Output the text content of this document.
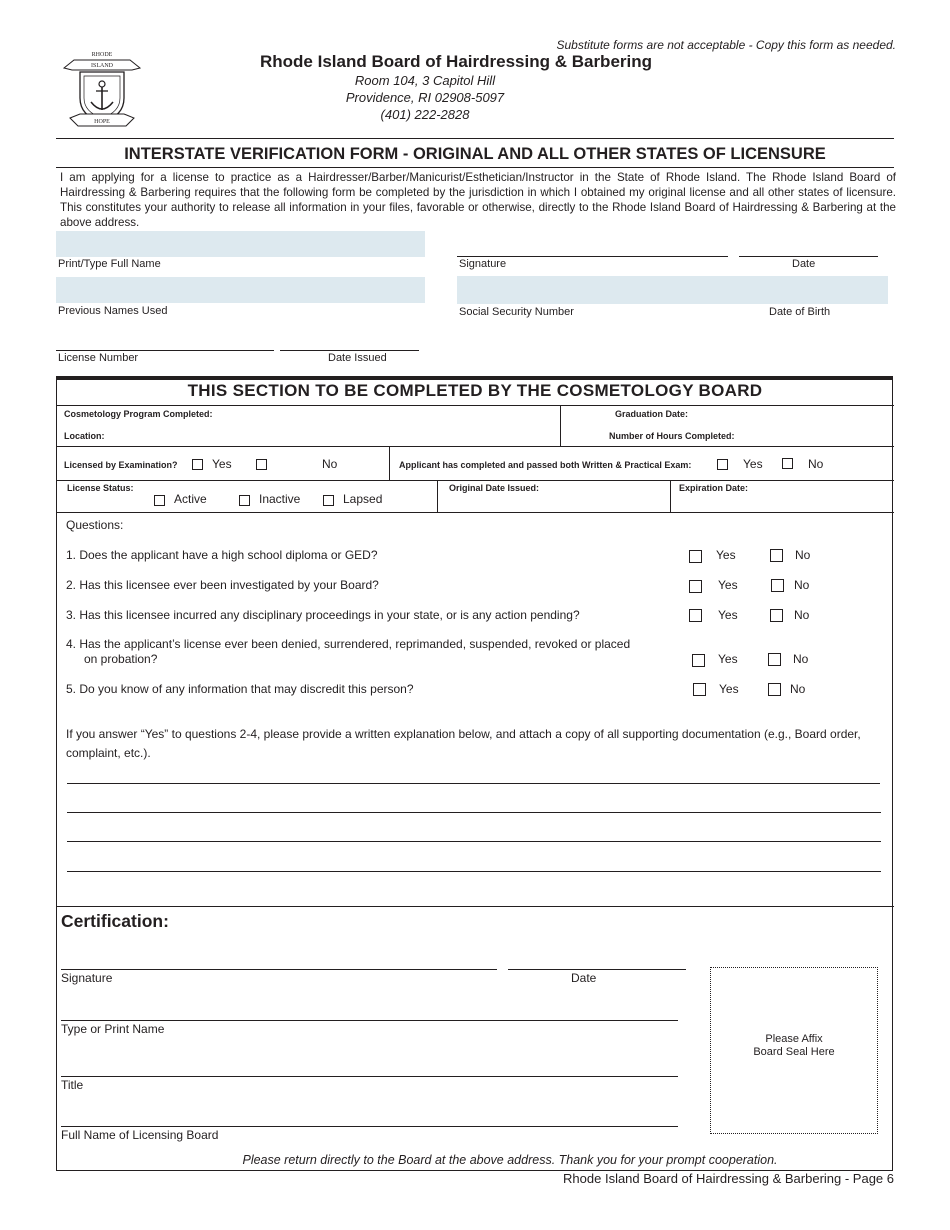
ISLAND
HOPE
RHODE
Substitute forms are not acceptable - Copy this form as needed.
Rhode Island Board of Hairdressing & Barbering
Room 104, 3 Capitol Hill
Providence, RI 02908-5097
(401) 222-2828
INTERSTATE VERIFICATION FORM - ORIGINAL AND ALL OTHER STATES OF LICENSURE
I am applying for a license to practice as a Hairdresser/Barber/Manicurist/Esthetician/Instructor in the State of Rhode Island. The Rhode Island Board of Hairdressing & Barbering requires that the following form be completed by the jurisdiction in which I obtained my original license and all other states of licensure. This constitutes your authority to release all information in your files, favorable or otherwise, directly to the Rhode Island Board of Hairdressing & Barbering at the above address.
Print/Type Full Name	Signature	Date
Previous Names Used	Social Security Number	Date of Birth
License Number	Date Issued
THIS SECTION TO BE COMPLETED BY THE COSMETOLOGY BOARD
Cosmetology Program Completed:	Graduation Date:
Location:	Number of Hours Completed:
Licensed by Examination?	Yes	No	Applicant has completed and passed both Written & Practical Exam:	Yes	No
License Status:
Active	Inactive	Lapsed
Original Date Issued:	Expiration Date:
Questions:
1. Does the applicant have a high school diploma or GED?	Yes	No
2. Has this licensee ever been investigated by your Board?	Yes	No
3. Has this licensee incurred any disciplinary proceedings in your state, or is any action pending?	Yes	No
4. Has the applicant’s license ever been denied, surrendered, reprimanded, suspended, revoked or placed
on probation?	Yes	No
5. Do you know of any information that may discredit this person?	Yes	No
If you answer “Yes” to questions 2-4, please provide a written explanation below, and attach a copy of all supporting documentation (e.g., Board order,
complaint, etc.).
Certification:
Signature	Date
Type or Print Name
Title
Full Name of Licensing Board
Please Affix
Board Seal Here
Please return directly to the Board at the above address. Thank you for your prompt cooperation.
Rhode Island Board of Hairdressing & Barbering - Page 6
